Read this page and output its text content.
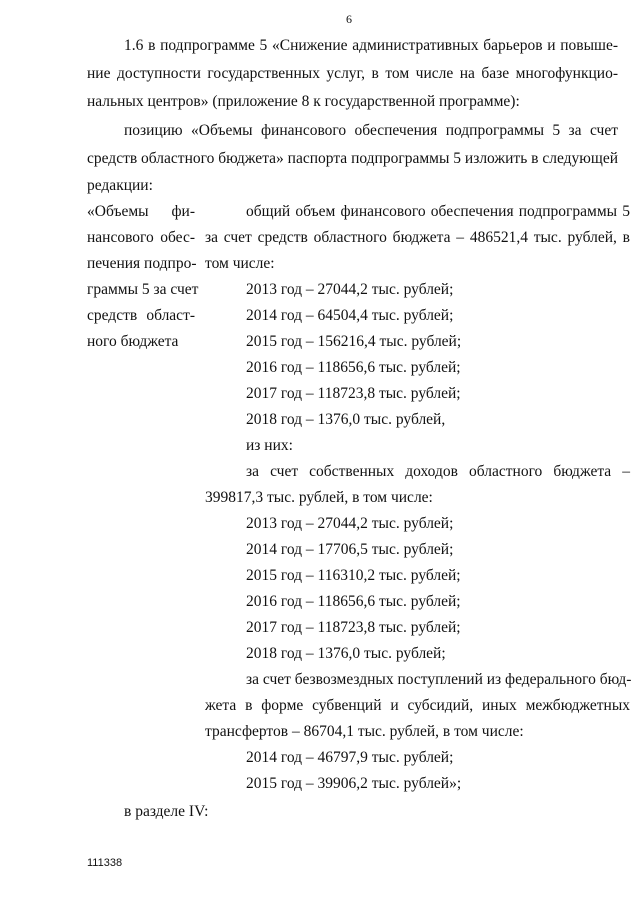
6
1.6 в подпрограмме 5 «Снижение административных барьеров и повыше-
ние доступности государственных услуг, в том числе на базе многофункцио-
нальных центров» (приложение 8 к государственной программе):
позицию «Объемы финансового обеспечения подпрограммы 5 за счет
средств областного бюджета» паспорта подпрограммы 5 изложить в следующей
редакции:
«Объемы фи-
нансового обес-
печения подпро-
граммы 5 за счет
средств област-
ного бюджета
общий объем финансового обеспечения подпрограммы 5
за счет средств областного бюджета – 486521,4 тыс. рублей, в
том числе:
2013 год – 27044,2 тыс. рублей;
2014 год – 64504,4 тыс. рублей;
2015 год – 156216,4 тыс. рублей;
2016 год – 118656,6 тыс. рублей;
2017 год – 118723,8 тыс. рублей;
2018 год – 1376,0 тыс. рублей,
из них:
за счет собственных доходов областного бюджета –
399817,3 тыс. рублей, в том числе:
2013 год – 27044,2 тыс. рублей;
2014 год – 17706,5 тыс. рублей;
2015 год – 116310,2 тыс. рублей;
2016 год – 118656,6 тыс. рублей;
2017 год – 118723,8 тыс. рублей;
2018 год – 1376,0 тыс. рублей;
за счет безвозмездных поступлений из федерального бюд-
жета в форме субвенций и субсидий, иных межбюджетных
трансфертов – 86704,1 тыс. рублей, в том числе:
2014 год – 46797,9 тыс. рублей;
2015 год – 39906,2 тыс. рублей»;
в разделе IV:
111338
